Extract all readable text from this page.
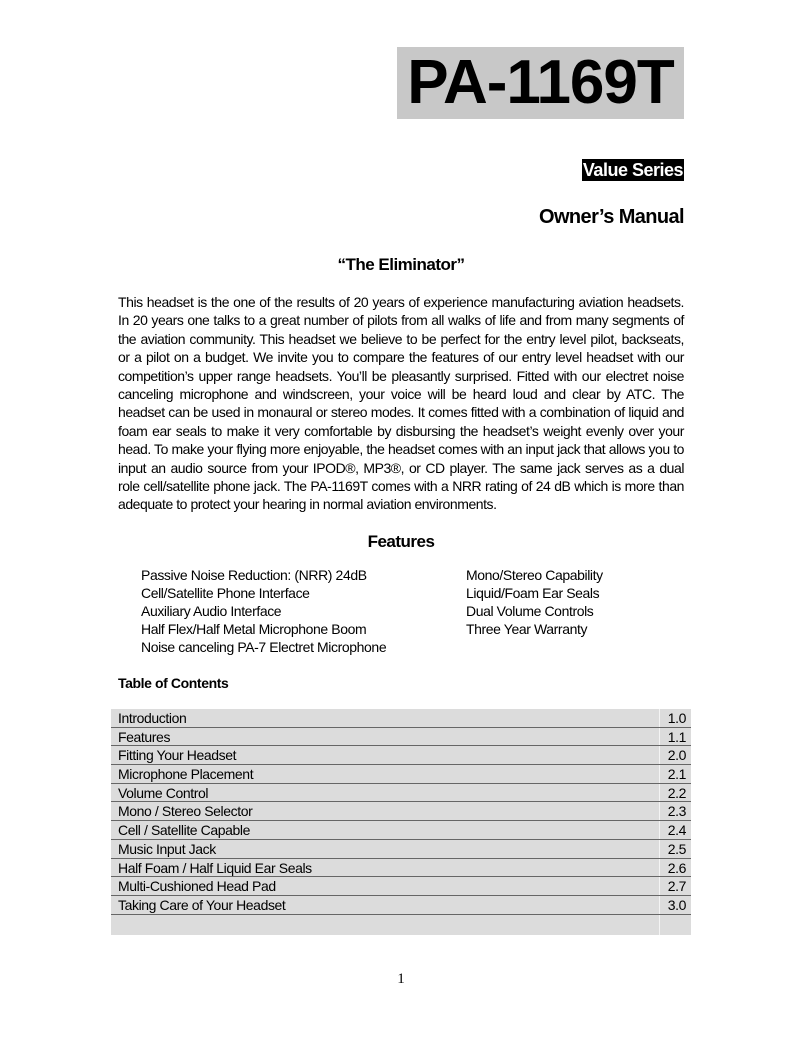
PA-1169T
Value Series
Owner’s Manual
“The Eliminator”
This headset is the one of the results of 20 years of experience manufacturing aviation headsets. In 20 years one talks to a great number of pilots from all walks of life and from many segments of the aviation community. This headset we believe to be perfect for the entry level pilot, backseats, or a pilot on a budget. We invite you to compare the features of our entry level headset with our competition’s upper range headsets. You’ll be pleasantly surprised. Fitted with our electret noise canceling microphone and windscreen, your voice will be heard loud and clear by ATC. The headset can be used in monaural or stereo modes. It comes fitted with a combination of liquid and foam ear seals to make it very comfortable by disbursing the headset’s weight evenly over your head. To make your flying more enjoyable, the headset comes with an input jack that allows you to input an audio source from your IPOD®, MP3®, or CD player. The same jack serves as a dual role cell/satellite phone jack. The PA-1169T comes with a NRR rating of 24 dB which is more than adequate to protect your hearing in normal aviation environments.
Features
Passive Noise Reduction: (NRR) 24dB
Cell/Satellite Phone Interface
Auxiliary Audio Interface
Half Flex/Half Metal Microphone Boom
Noise canceling PA-7 Electret Microphone
Mono/Stereo Capability
Liquid/Foam Ear Seals
Dual Volume Controls
Three Year Warranty
Table of Contents
Introduction	1.0
Features	1.1
Fitting Your Headset	2.0
Microphone Placement	2.1
Volume Control	2.2
Mono / Stereo Selector	2.3
Cell / Satellite Capable	2.4
Music Input Jack	2.5
Half Foam / Half Liquid Ear Seals	2.6
Multi-Cushioned Head Pad	2.7
Taking Care of Your Headset	3.0
1
